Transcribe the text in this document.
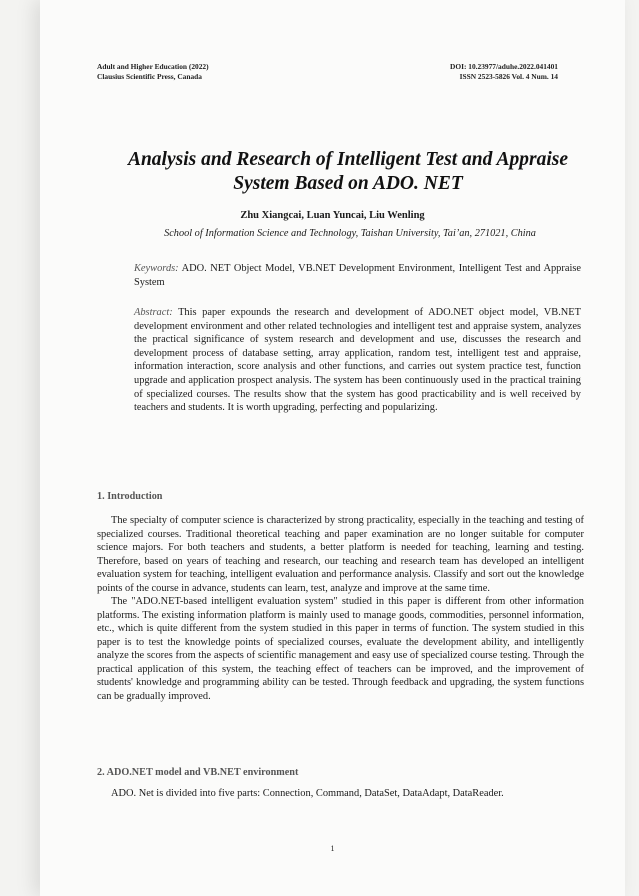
Adult and Higher Education (2022)
Clausius Scientific Press, Canada
DOI: 10.23977/aduhe.2022.041401
ISSN 2523-5826 Vol. 4 Num. 14
Analysis and Research of Intelligent Test and Appraise System Based on ADO. NET
Zhu Xiangcai, Luan Yuncai, Liu Wenling
School of Information Science and Technology, Taishan University, Tai’an, 271021, China
Keywords: ADO. NET Object Model, VB.NET Development Environment, Intelligent Test and Appraise System
Abstract: This paper expounds the research and development of ADO.NET object model, VB.NET development environment and other related technologies and intelligent test and appraise system, analyzes the practical significance of system research and development and use, discusses the research and development process of database setting, array application, random test, intelligent test and appraise, information interaction, score analysis and other functions, and carries out system practice test, function upgrade and application prospect analysis. The system has been continuously used in the practical training of specialized courses. The results show that the system has good practicability and is well received by teachers and students. It is worth upgrading, perfecting and popularizing.
1. Introduction

The specialty of computer science is characterized by strong practicality, especially in the teaching and testing of specialized courses. Traditional theoretical teaching and paper examination are no longer suitable for computer science majors. For both teachers and students, a better platform is needed for teaching, learning and testing. Therefore, based on years of teaching and research, our teaching and research team has developed an intelligent evaluation system for teaching, intelligent evaluation and performance analysis. Classify and sort out the knowledge points of the course in advance, students can learn, test, analyze and improve at the same time.

The "ADO.NET-based intelligent evaluation system" studied in this paper is different from other information platforms. The existing information platform is mainly used to manage goods, commodities, personnel information, etc., which is quite different from the system studied in this paper in terms of function. The system studied in this paper is to test the knowledge points of specialized courses, evaluate the development ability, and intelligently analyze the scores from the aspects of scientific management and easy use of specialized course testing. Through the practical application of this system, the teaching effect of teachers can be improved, and the improvement of students' knowledge and programming ability can be tested. Through feedback and upgrading, the system functions can be gradually improved.

2. ADO.NET model and VB.NET environment

ADO. Net is divided into five parts: Connection, Command, DataSet, DataAdapt, DataReader.

1
